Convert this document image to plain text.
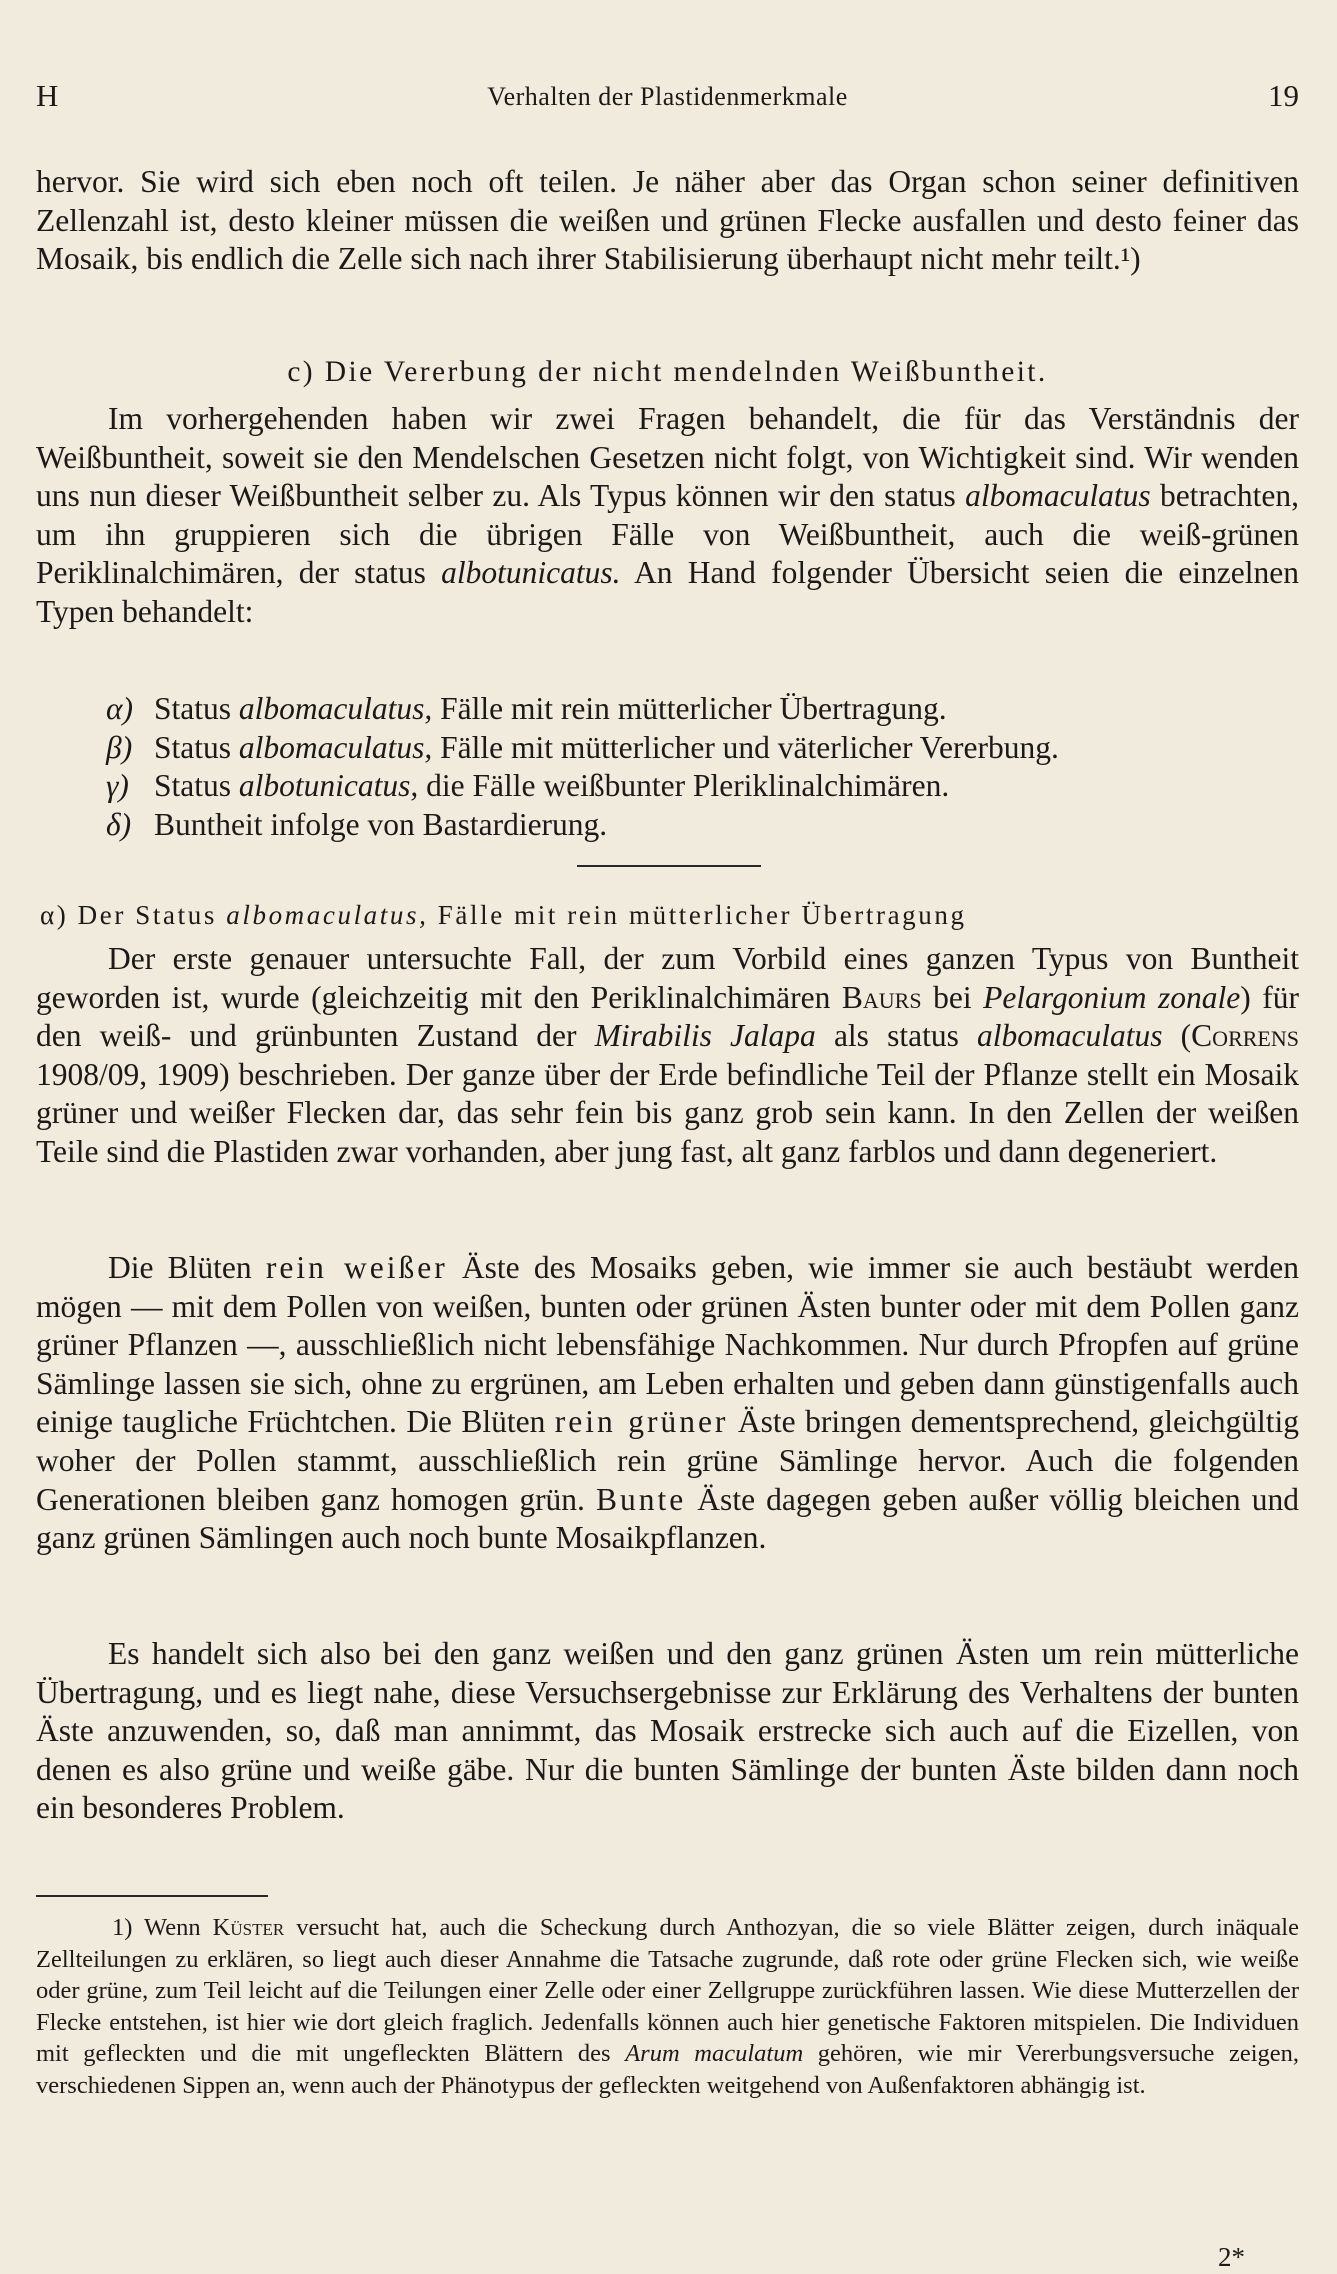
H	Verhalten der Plastidenmerkmale	19

hervor. Sie wird sich eben noch oft teilen. Je näher aber das Organ schon seiner definitiven Zellenzahl ist, desto kleiner müssen die weißen und grünen Flecke ausfallen und desto feiner das Mosaik, bis endlich die Zelle sich nach ihrer Stabilisierung überhaupt nicht mehr teilt.¹)

c) Die Vererbung der nicht mendelnden Weißbuntheit.

Im vorhergehenden haben wir zwei Fragen behandelt, die für das Verständnis der Weißbuntheit, soweit sie den Mendelschen Gesetzen nicht folgt, von Wichtigkeit sind. Wir wenden uns nun dieser Weißbuntheit selber zu. Als Typus können wir den status albomaculatus betrachten, um ihn gruppieren sich die übrigen Fälle von Weißbuntheit, auch die weiß-grünen Periklinalchimären, der status albotunicatus. An Hand folgender Übersicht seien die einzelnen Typen behandelt:

α) Status albomaculatus, Fälle mit rein mütterlicher Übertragung.
β) Status albomaculatus, Fälle mit mütterlicher und väterlicher Vererbung.
γ) Status albotunicatus, die Fälle weißbunter Pleriklinalchimären.
δ) Buntheit infolge von Bastardierung.
α) Der Status albomaculatus, Fälle mit rein mütterlicher Übertragung

Der erste genauer untersuchte Fall, der zum Vorbild eines ganzen Typus von Buntheit geworden ist, wurde (gleichzeitig mit den Periklinalchimären Baurs bei Pelargonium zonale) für den weiß- und grünbunten Zustand der Mirabilis Jalapa als status albomaculatus (Correns 1908/09, 1909) beschrieben. Der ganze über der Erde befindliche Teil der Pflanze stellt ein Mosaik grüner und weißer Flecken dar, das sehr fein bis ganz grob sein kann. In den Zellen der weißen Teile sind die Plastiden zwar vorhanden, aber jung fast, alt ganz farblos und dann degeneriert.

Die Blüten rein weißer Äste des Mosaiks geben, wie immer sie auch bestäubt werden mögen — mit dem Pollen von weißen, bunten oder grünen Ästen bunter oder mit dem Pollen ganz grüner Pflanzen —, ausschließlich nicht lebensfähige Nachkommen. Nur durch Pfropfen auf grüne Sämlinge lassen sie sich, ohne zu ergrünen, am Leben erhalten und geben dann günstigenfalls auch einige taugliche Früchtchen. Die Blüten rein grüner Äste bringen dementsprechend, gleichgültig woher der Pollen stammt, ausschließlich rein grüne Sämlinge hervor. Auch die folgenden Generationen bleiben ganz homogen grün. Bunte Äste dagegen geben außer völlig bleichen und ganz grünen Sämlingen auch noch bunte Mosaikpflanzen.

Es handelt sich also bei den ganz weißen und den ganz grünen Ästen um rein mütterliche Übertragung, und es liegt nahe, diese Versuchsergebnisse zur Erklärung des Verhaltens der bunten Äste anzuwenden, so, daß man annimmt, das Mosaik erstrecke sich auch auf die Eizellen, von denen es also grüne und weiße gäbe. Nur die bunten Sämlinge der bunten Äste bilden dann noch ein besonderes Problem.

1) Wenn Küster versucht hat, auch die Scheckung durch Anthozyan, die so viele Blätter zeigen, durch inäquale Zellteilungen zu erklären, so liegt auch dieser Annahme die Tatsache zugrunde, daß rote oder grüne Flecken sich, wie weiße oder grüne, zum Teil leicht auf die Teilungen einer Zelle oder einer Zellgruppe zurückführen lassen. Wie diese Mutterzellen der Flecke entstehen, ist hier wie dort gleich fraglich. Jedenfalls können auch hier genetische Faktoren mitspielen. Die Individuen mit gefleckten und die mit ungefleckten Blättern des Arum maculatum gehören, wie mir Vererbungsversuche zeigen, verschiedenen Sippen an, wenn auch der Phänotypus der gefleckten weitgehend von Außenfaktoren abhängig ist.

2*
